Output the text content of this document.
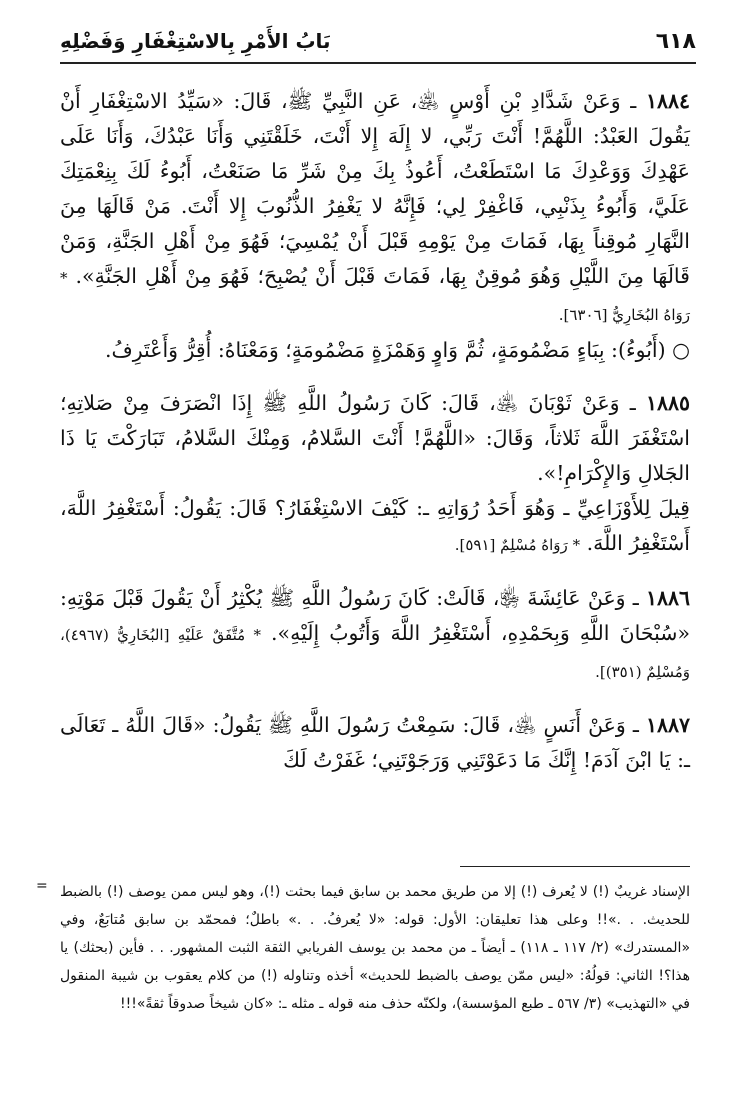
٦١٨
بَابُ الأَمْرِ بِالاسْتِغْفَارِ وَفَضْلِهِ

١٨٨٤ ـ وَعَنْ شَدَّادِ بْنِ أَوْسٍ ﵁، عَنِ النَّبِيِّ ﷺ، قَالَ: «سَيِّدُ الاسْتِغْفَارِ أَنْ يَقُولَ العَبْدُ: اللَّهُمَّ! أَنْتَ رَبِّي، لا إِلَهَ إِلا أَنْتَ، خَلَقْتَنِي وَأَنَا عَبْدُكَ، وَأَنَا عَلَى عَهْدِكَ وَوَعْدِكَ مَا اسْتَطَعْتُ، أَعُوذُ بِكَ مِنْ شَرِّ مَا صَنَعْتُ، أَبُوءُ لَكَ بِنِعْمَتِكَ عَلَيَّ، وَأَبُوءُ بِذَنْبِي، فَاغْفِرْ لِي؛ فَإِنَّهُ لا يَغْفِرُ الذُّنُوبَ إِلا أَنْتَ. مَنْ قَالَهَا مِنَ النَّهَارِ مُوقِناً بِهَا، فَمَاتَ مِنْ يَوْمِهِ قَبْلَ أَنْ يُمْسِيَ؛ فَهُوَ مِنْ أَهْلِ الجَنَّةِ، وَمَنْ قَالَهَا مِنَ اللَّيْلِ وَهُوَ مُوقِنٌ بِهَا، فَمَاتَ قَبْلَ أَنْ يُصْبِحَ؛ فَهُوَ مِنْ أَهْلِ الجَنَّةِ». * رَوَاهُ البُخَارِيُّ [٦٣٠٦].

○ (أَبُوءُ): بِبَاءٍ مَضْمُومَةٍ، ثُمَّ وَاوٍ وَهَمْزَةٍ مَضْمُومَةٍ؛ وَمَعْنَاهُ: أُقِرُّ وَأَعْتَرِفُ.

١٨٨٥ ـ وَعَنْ ثَوْبَانَ ﵁، قَالَ: كَانَ رَسُولُ اللَّهِ ﷺ إِذَا انْصَرَفَ مِنْ صَلاتِهِ؛ اسْتَغْفَرَ اللَّهَ ثَلاثاً، وَقَالَ: «اللَّهُمَّ! أَنْتَ السَّلامُ، وَمِنْكَ السَّلامُ، تَبَارَكْتَ يَا ذَا الجَلالِ وَالإِكْرَامِ!».

قِيلَ لِلأَوْزَاعِيِّ ـ وَهُوَ أَحَدُ رُوَاتِهِ ـ: كَيْفَ الاسْتِغْفَارُ؟ قَالَ: يَقُولُ: أَسْتَغْفِرُ اللَّهَ، أَسْتَغْفِرُ اللَّهَ. * رَوَاهُ مُسْلِمٌ [٥٩١].

١٨٨٦ ـ وَعَنْ عَائِشَةَ ﵂، قَالَتْ: كَانَ رَسُولُ اللَّهِ ﷺ يُكْثِرُ أَنْ يَقُولَ قَبْلَ مَوْتِهِ: «سُبْحَانَ اللَّهِ وَبِحَمْدِهِ، أَسْتَغْفِرُ اللَّهَ وَأَتُوبُ إِلَيْهِ». * مُتَّفَقٌ عَلَيْهِ [البُخَارِيُّ (٤٩٦٧)، وَمُسْلِمٌ (٣٥١)].

١٨٨٧ ـ وَعَنْ أَنَسٍ ﵁، قَالَ: سَمِعْتُ رَسُولَ اللَّهِ ﷺ يَقُولُ: «قَالَ اللَّهُ ـ تَعَالَى ـ: يَا ابْنَ آدَمَ! إِنَّكَ مَا دَعَوْتَنِي وَرَجَوْتَنِي؛ غَفَرْتُ لَكَ

= الإسناد غريبٌ (!) لا يُعرف (!) إلا من طريق محمد بن سابق فيما بحثت (!)، وهو ليس ممن يوصف (!) بالضبط للحديث. . .»!! وعلى هذا تعليقان: الأول: قوله: «لا يُعرفُ. . .» باطلٌ؛ فمحمّد بن سابق مُتابَعٌ، وفي «المستدرك» (٢/ ١١٧ ـ ١١٨) ـ أيضاً ـ من محمد بن يوسف الفريابي الثقة الثبت المشهور. . . فأين (بحثك) يا هذا؟! الثاني: قولُهُ: «ليس ممّن يوصف بالضبط للحديث» أخذه وتناوله (!) من كلام يعقوب بن شيبة المنقول في «التهذيب» (٣/ ٥٦٧ ـ طبع المؤسسة)، ولكنّه حذف منه قوله ـ مثله ـ: «كان شيخاً صدوقاً ثقةً»!!!
